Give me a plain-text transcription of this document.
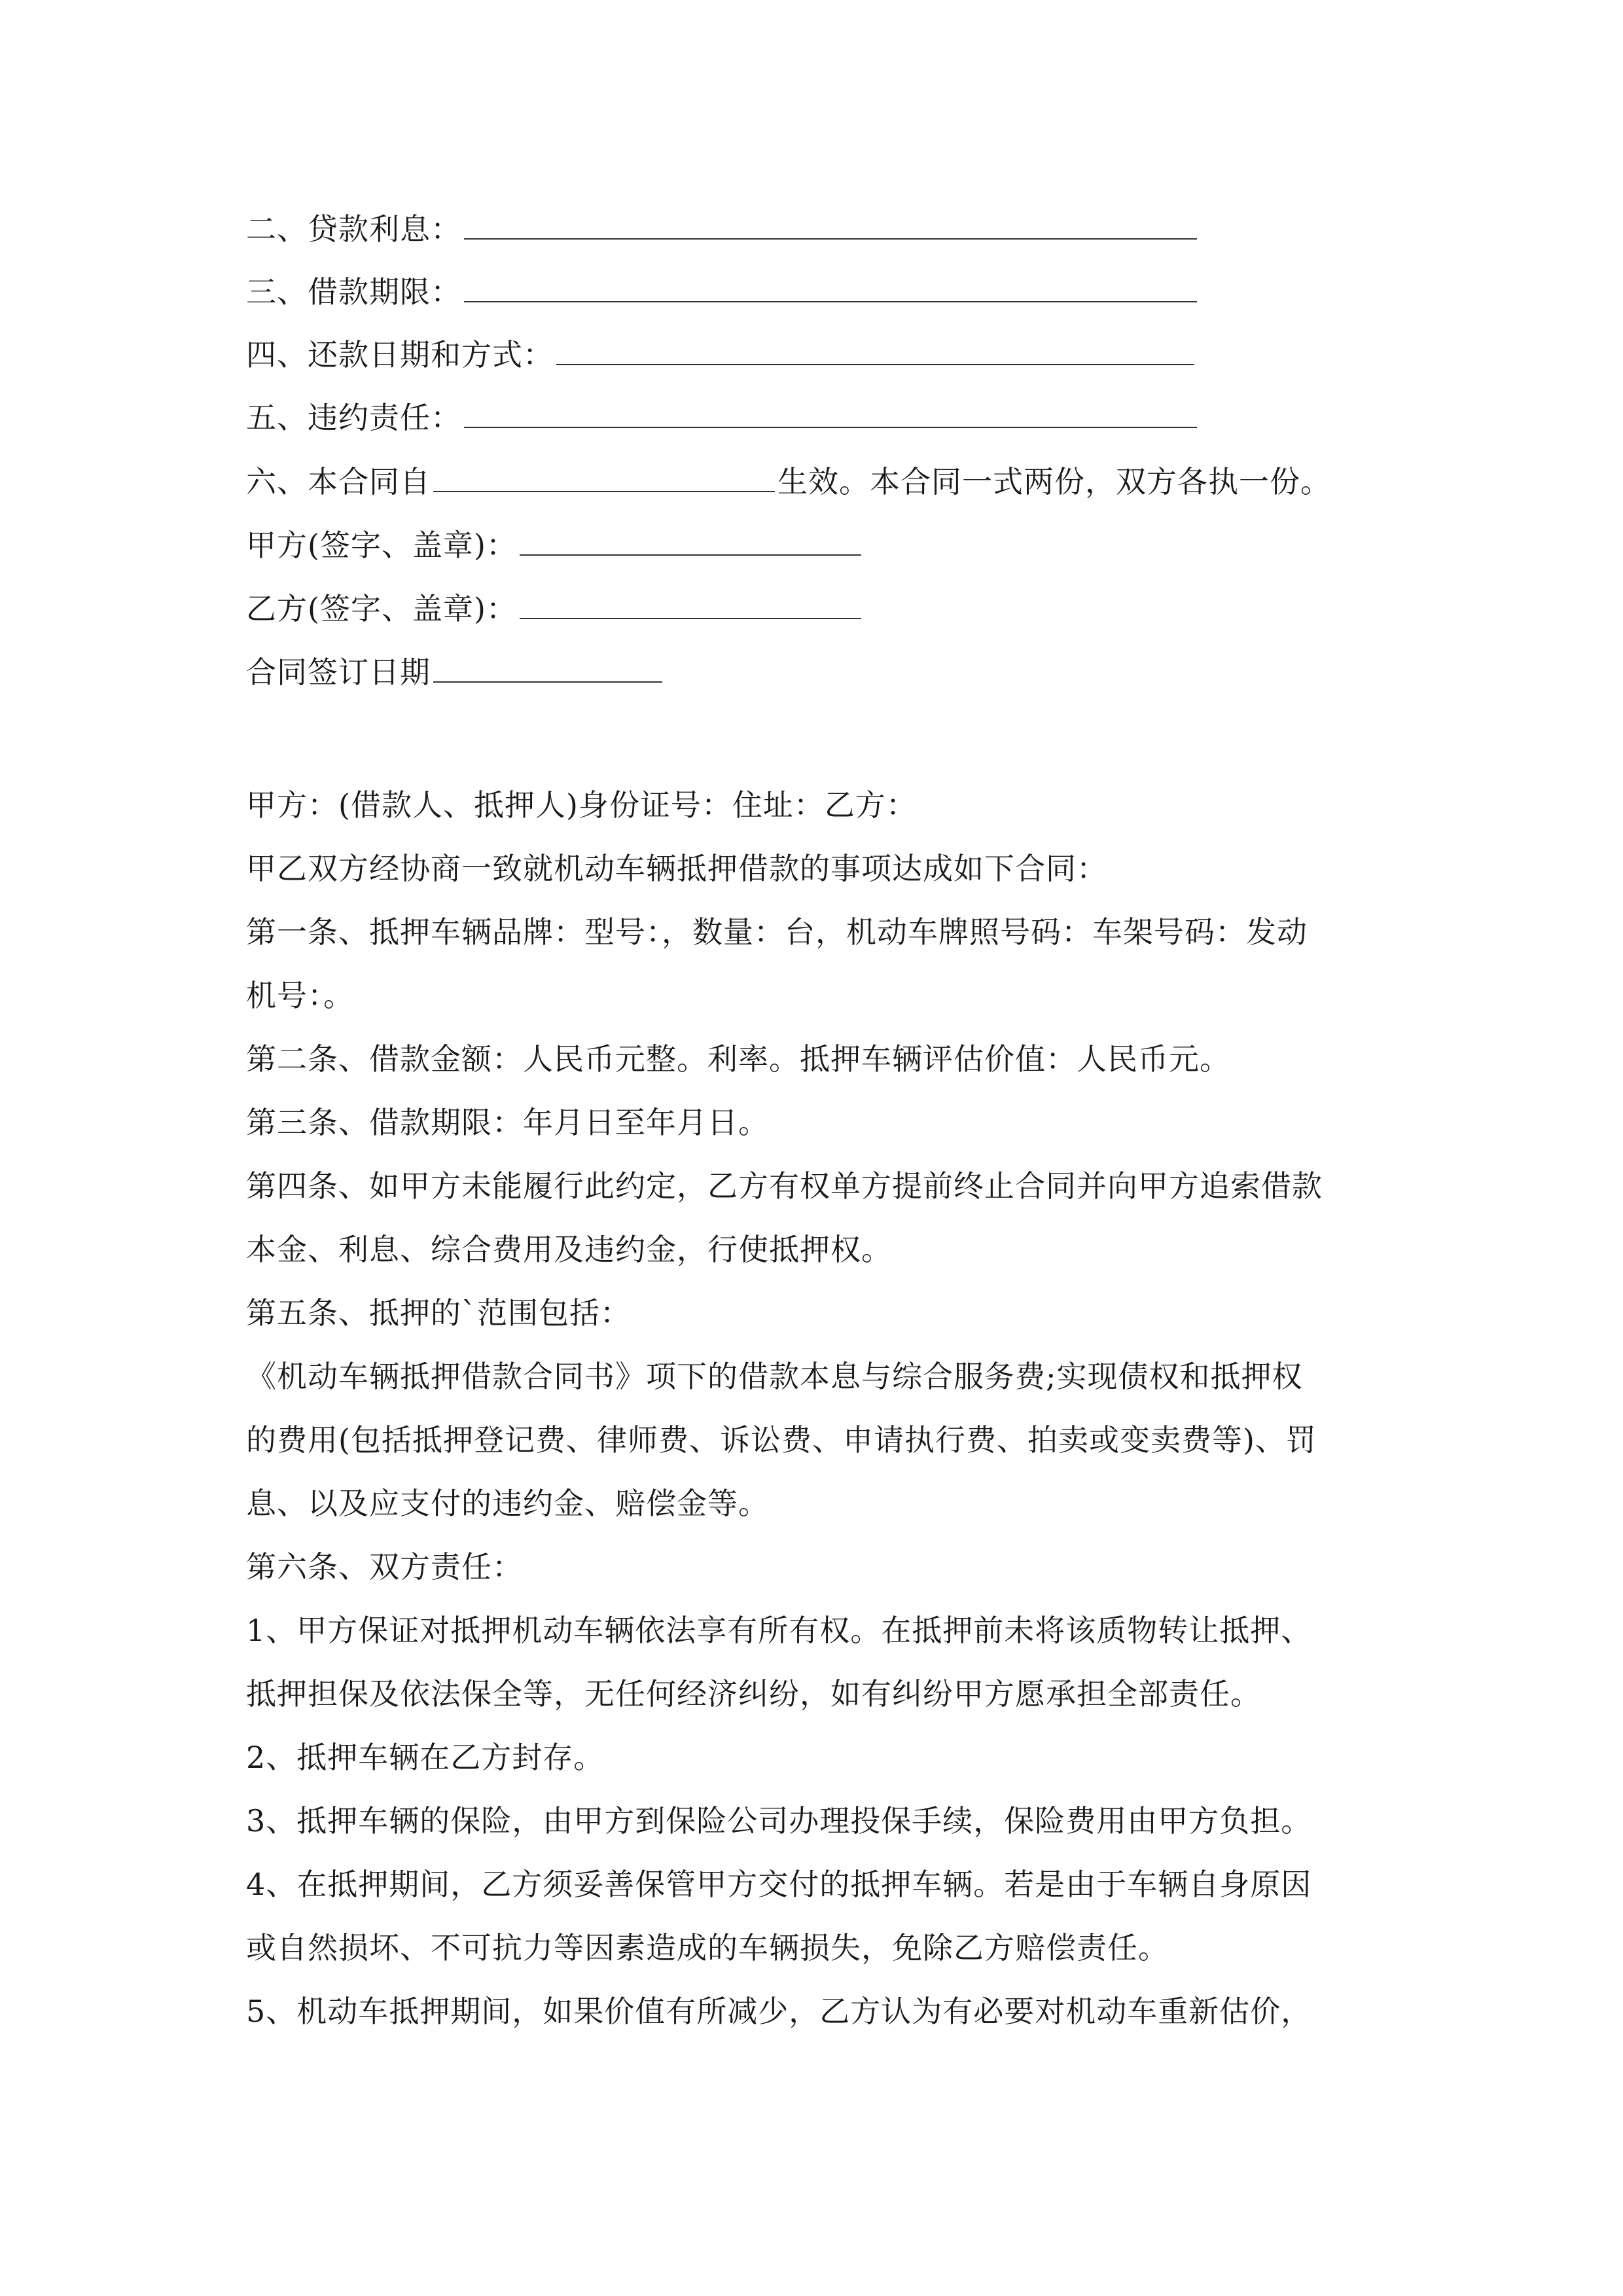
二、贷款利息：
三、借款期限：
四、还款日期和方式：
五、违约责任：
六、本合同自	生效。本合同一式两份，双方各执一份。
甲方(签字、盖章)：
乙方(签字、盖章)：
合同签订日期
甲方：(借款人、抵押人)身份证号：住址：乙方：
甲乙双方经协商一致就机动车辆抵押借款的事项达成如下合同：
第一条、抵押车辆品牌：型号：，数量：台，机动车牌照号码：车架号码：发动
机号：。
第二条、借款金额：人民币元整。利率。抵押车辆评估价值：人民币元。
第三条、借款期限：年月日至年月日。
第四条、如甲方未能履行此约定，乙方有权单方提前终止合同并向甲方追索借款
本金、利息、综合费用及违约金，行使抵押权。
第五条、抵押的`范围包括：
《机动车辆抵押借款合同书》项下的借款本息与综合服务费;实现债权和抵押权
的费用(包括抵押登记费、律师费、诉讼费、申请执行费、拍卖或变卖费等)、罚
息、以及应支付的违约金、赔偿金等。
第六条、双方责任：
1、甲方保证对抵押机动车辆依法享有所有权。在抵押前未将该质物转让抵押、
抵押担保及依法保全等，无任何经济纠纷，如有纠纷甲方愿承担全部责任。
2、抵押车辆在乙方封存。
3、抵押车辆的保险，由甲方到保险公司办理投保手续，保险费用由甲方负担。
4、在抵押期间，乙方须妥善保管甲方交付的抵押车辆。若是由于车辆自身原因
或自然损坏、不可抗力等因素造成的车辆损失，免除乙方赔偿责任。
5、机动车抵押期间，如果价值有所减少，乙方认为有必要对机动车重新估价，
